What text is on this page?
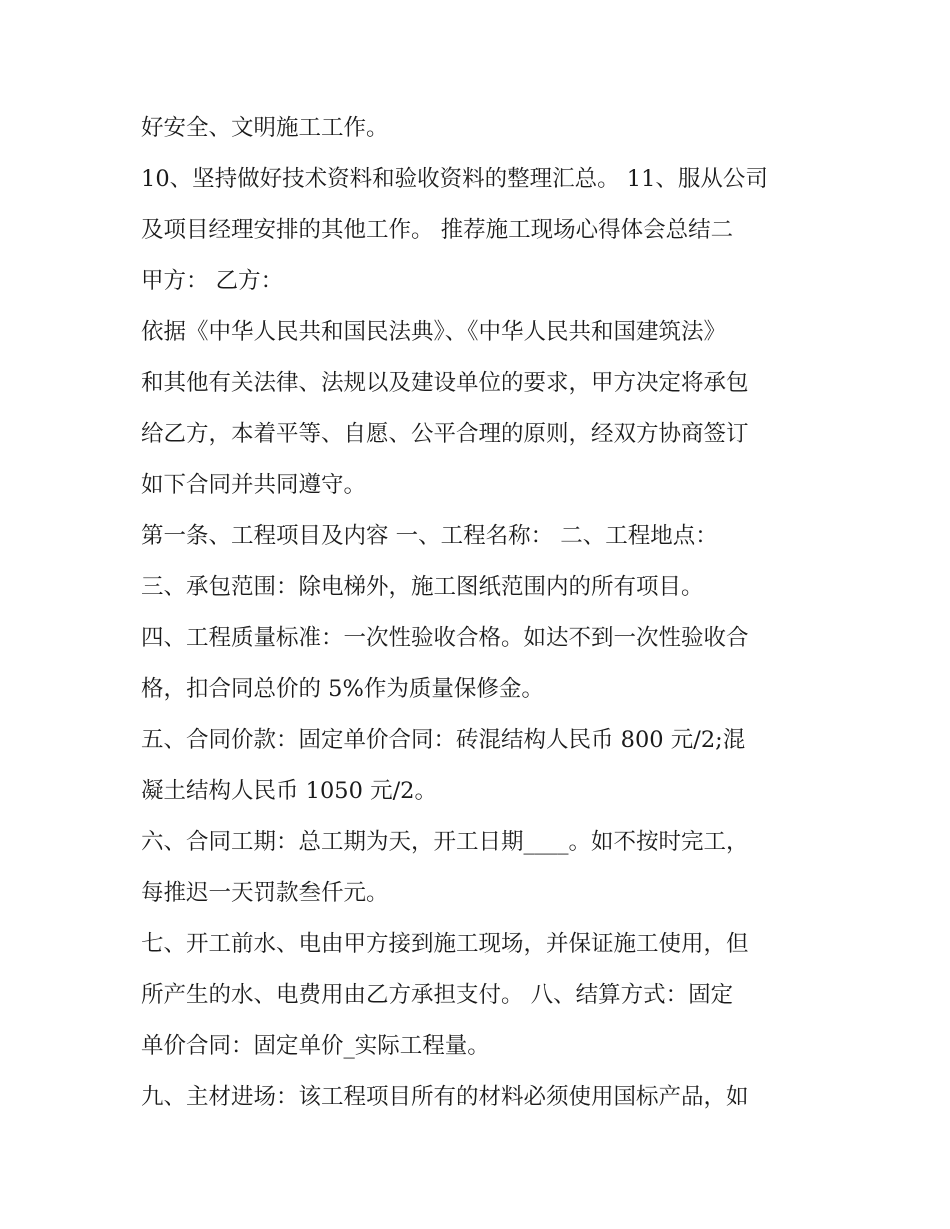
好安全、文明施工工作。
10、坚持做好技术资料和验收资料的整理汇总。 11、服从公司
及项目经理安排的其他工作。 推荐施工现场心得体会总结二
甲方： 乙方：
依据《中华人民共和国民法典》、《中华人民共和国建筑法》
和其他有关法律、法规以及建设单位的要求，甲方决定将承包
给乙方，本着平等、自愿、公平合理的原则，经双方协商签订
如下合同并共同遵守。
第一条、工程项目及内容 一、工程名称： 二、工程地点：
三、承包范围：除电梯外，施工图纸范围内的所有项目。
四、工程质量标准：一次性验收合格。如达不到一次性验收合
格，扣合同总价的 5%作为质量保修金。
五、合同价款：固定单价合同：砖混结构人民币 800 元/2;混
凝土结构人民币 1050 元/2。
六、合同工期：总工期为天，开工日期____。如不按时完工，
每推迟一天罚款叁仟元。
七、开工前水、电由甲方接到施工现场，并保证施工使用，但
所产生的水、电费用由乙方承担支付。 八、结算方式：固定
单价合同：固定单价_实际工程量。
九、主材进场：该工程项目所有的材料必须使用国标产品，如
